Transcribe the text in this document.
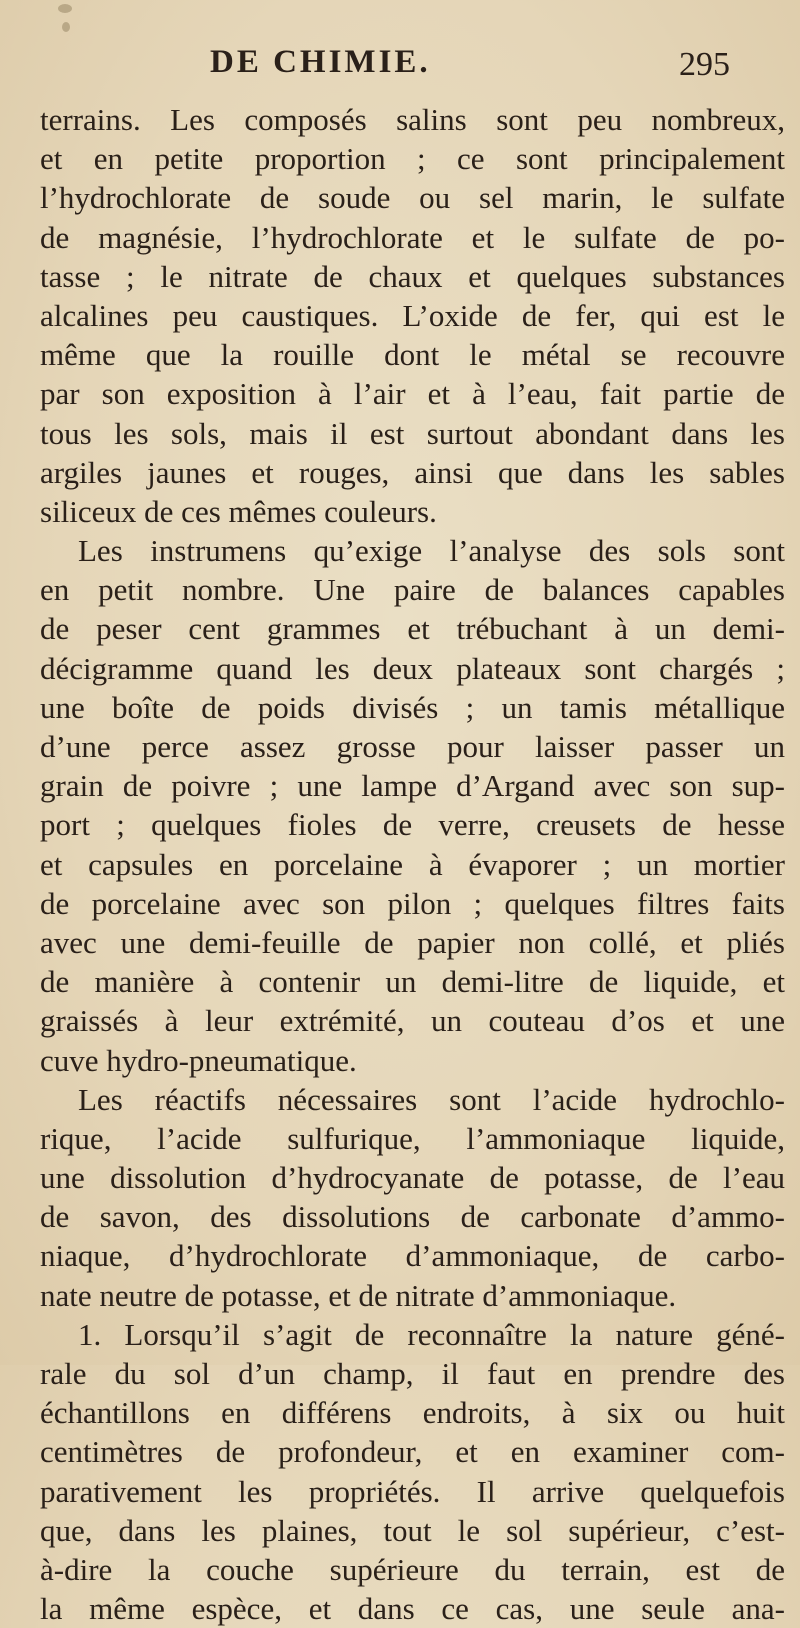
DE CHIMIE.	295
terrains. Les composés salins sont peu nombreux,
et en petite proportion ; ce sont principalement
l’hydrochlorate de soude ou sel marin, le sulfate
de magnésie, l’hydrochlorate et le sulfate de po-
tasse ; le nitrate de chaux et quelques substances
alcalines peu caustiques. L’oxide de fer, qui est le
même que la rouille dont le métal se recouvre
par son exposition à l’air et à l’eau, fait partie de
tous les sols, mais il est surtout abondant dans les
argiles jaunes et rouges, ainsi que dans les sables
siliceux de ces mêmes couleurs.
Les instrumens qu’exige l’analyse des sols sont
en petit nombre. Une paire de balances capables
de peser cent grammes et trébuchant à un demi-
décigramme quand les deux plateaux sont chargés ;
une boîte de poids divisés ; un tamis métallique
d’une perce assez grosse pour laisser passer un
grain de poivre ; une lampe d’Argand avec son sup-
port ; quelques fioles de verre, creusets de hesse
et capsules en porcelaine à évaporer ; un mortier
de porcelaine avec son pilon ; quelques filtres faits
avec une demi-feuille de papier non collé, et pliés
de manière à contenir un demi-litre de liquide, et
graissés à leur extrémité, un couteau d’os et une
cuve hydro-pneumatique.
Les réactifs nécessaires sont l’acide hydrochlo-
rique, l’acide sulfurique, l’ammoniaque liquide,
une dissolution d’hydrocyanate de potasse, de l’eau
de savon, des dissolutions de carbonate d’ammo-
niaque, d’hydrochlorate d’ammoniaque, de carbo-
nate neutre de potasse, et de nitrate d’ammoniaque.
1. Lorsqu’il s’agit de reconnaître la nature géné-
rale du sol d’un champ, il faut en prendre des
échantillons en différens endroits, à six ou huit
centimètres de profondeur, et en examiner com-
parativement les propriétés. Il arrive quelquefois
que, dans les plaines, tout le sol supérieur, c’est-
à-dire la couche supérieure du terrain, est de
la même espèce, et dans ce cas, une seule ana-
